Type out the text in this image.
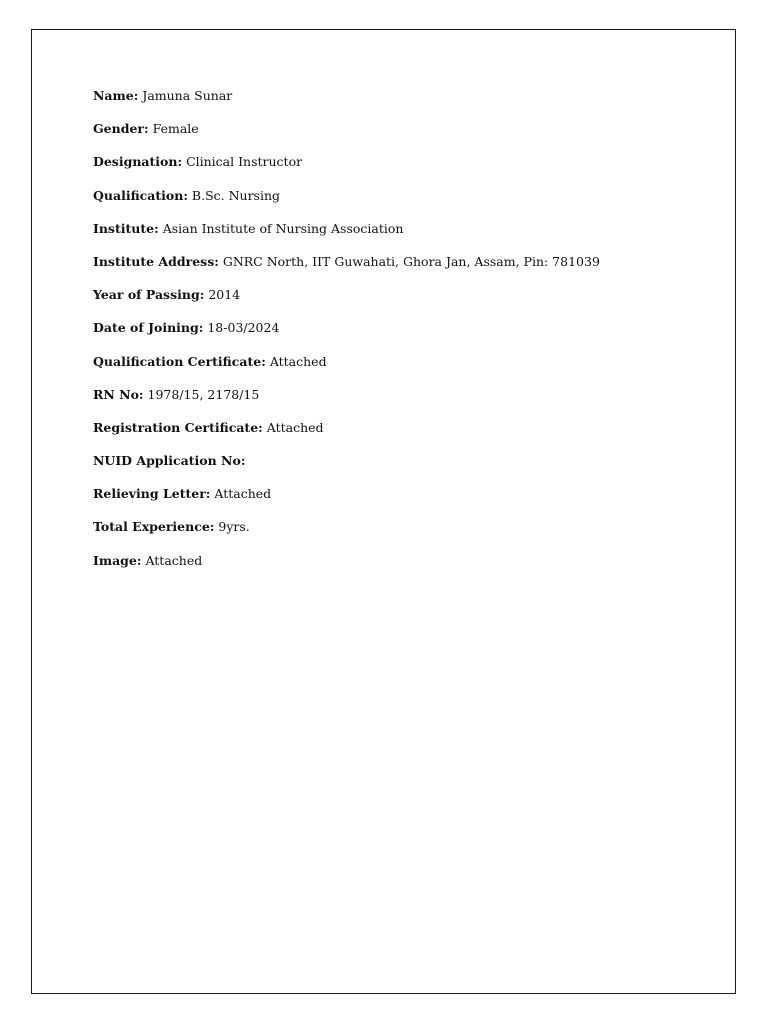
Name: Jamuna Sunar
Gender: Female
Designation: Clinical Instructor
Qualification: B.Sc. Nursing
Institute: Asian Institute of Nursing Association
Institute Address: GNRC North, IIT Guwahati, Ghora Jan, Assam, Pin: 781039
Year of Passing: 2014
Date of Joining: 18-03/2024
Qualification Certificate: Attached
RN No: 1978/15, 2178/15
Registration Certificate: Attached
NUID Application No:
Relieving Letter: Attached
Total Experience: 9yrs.
Image: Attached
